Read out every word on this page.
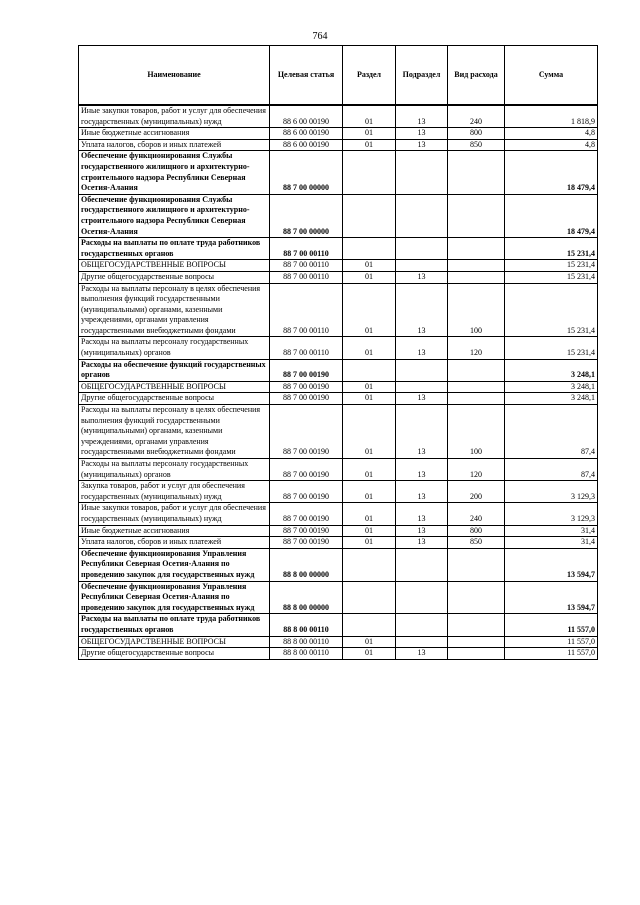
764
Наименование	Целевая статья	Раздел	Подраздел	Вид расхода	Сумма
Иные закупки товаров, работ и услуг для обеспечения государственных (муниципальных) нужд	88 6 00 00190	01	13	240	1 818,9
Иные бюджетные ассигнования	88 6 00 00190	01	13	800	4,8
Уплата налогов, сборов и иных платежей	88 6 00 00190	01	13	850	4,8
Обеспечение функционирования Службы государственного жилищного и архитектурно-строительного надзора Республики Северная Осетия-Алания	88 7 00 00000				18 479,4
Обеспечение функционирования Службы государственного жилищного и архитектурно-строительного надзора Республики Северная Осетия-Алания	88 7 00 00000				18 479,4
Расходы на выплаты по оплате труда работников государственных органов	88 7 00 00110				15 231,4
ОБЩЕГОСУДАРСТВЕННЫЕ ВОПРОСЫ	88 7 00 00110	01			15 231,4
Другие общегосударственные вопросы	88 7 00 00110	01	13		15 231,4
Расходы на выплаты персоналу в целях обеспечения выполнения функций государственными (муниципальными) органами, казенными учреждениями, органами управления государственными внебюджетными фондами	88 7 00 00110	01	13	100	15 231,4
Расходы на выплаты персоналу государственных (муниципальных) органов	88 7 00 00110	01	13	120	15 231,4
Расходы на обеспечение функций государственных органов	88 7 00 00190				3 248,1
ОБЩЕГОСУДАРСТВЕННЫЕ ВОПРОСЫ	88 7 00 00190	01			3 248,1
Другие общегосударственные вопросы	88 7 00 00190	01	13		3 248,1
Расходы на выплаты персоналу в целях обеспечения выполнения функций государственными (муниципальными) органами, казенными учреждениями, органами управления государственными внебюджетными фондами	88 7 00 00190	01	13	100	87,4
Расходы на выплаты персоналу государственных (муниципальных) органов	88 7 00 00190	01	13	120	87,4
Закупка товаров, работ и услуг для обеспечения государственных (муниципальных) нужд	88 7 00 00190	01	13	200	3 129,3
Иные закупки товаров, работ и услуг для обеспечения государственных (муниципальных) нужд	88 7 00 00190	01	13	240	3 129,3
Иные бюджетные ассигнования	88 7 00 00190	01	13	800	31,4
Уплата налогов, сборов и иных платежей	88 7 00 00190	01	13	850	31,4
Обеспечение функционирования Управления Республики Северная Осетия-Алания по проведению закупок для государственных нужд	88 8 00 00000				13 594,7
Обеспечение функционирования Управления Республики Северная Осетия-Алания по проведению закупок для государственных нужд	88 8 00 00000				13 594,7
Расходы на выплаты по оплате труда работников государственных органов	88 8 00 00110				11 557,0
ОБЩЕГОСУДАРСТВЕННЫЕ ВОПРОСЫ	88 8 00 00110	01			11 557,0
Другие общегосударственные вопросы	88 8 00 00110	01	13		11 557,0
